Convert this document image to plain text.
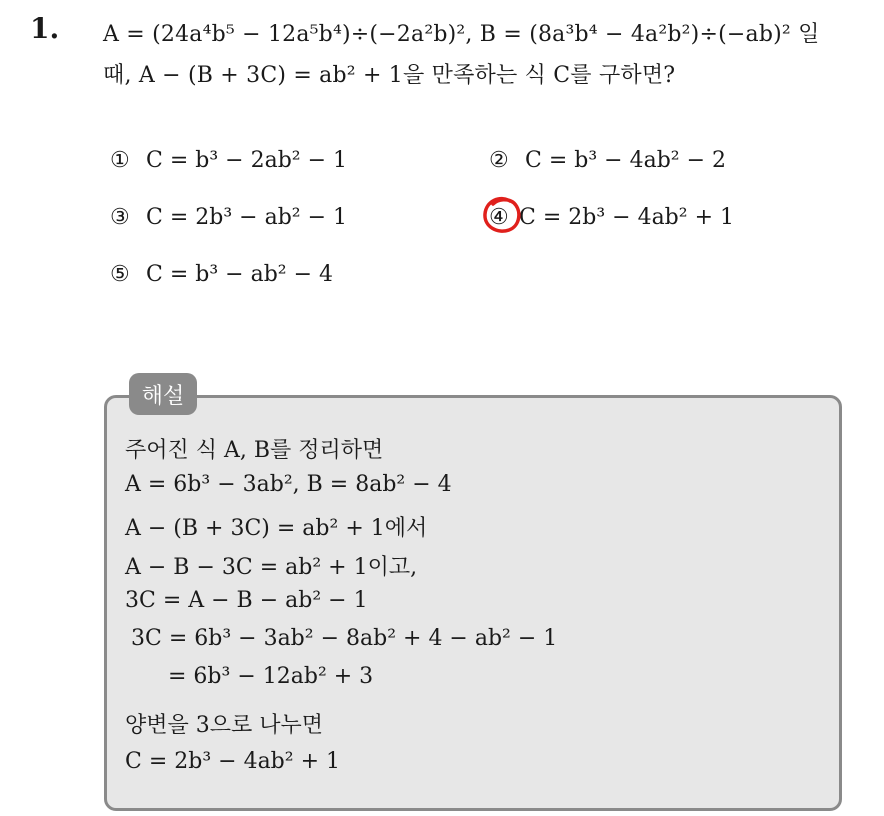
1. A = (24a⁴b⁵ − 12a⁵b⁴)÷(−2a²b)², B = (8a³b⁴ − 4a²b²)÷(−ab)² 일
때, A − (B + 3C) = ab² + 1을 만족하는 식 C를 구하면?
① C = b³ − 2ab² − 1	② C = b³ − 4ab² − 2
③ C = 2b³ − ab² − 1	④ C = 2b³ − 4ab² + 1
⑤ C = b³ − ab² − 4
해설
주어진 식 A, B를 정리하면
A = 6b³ − 3ab², B = 8ab² − 4
A − (B + 3C) = ab² + 1에서
A − B − 3C = ab² + 1이고,
3C = A − B − ab² − 1
3C = 6b³ − 3ab² − 8ab² + 4 − ab² − 1
= 6b³ − 12ab² + 3
양변을 3으로 나누면
C = 2b³ − 4ab² + 1
